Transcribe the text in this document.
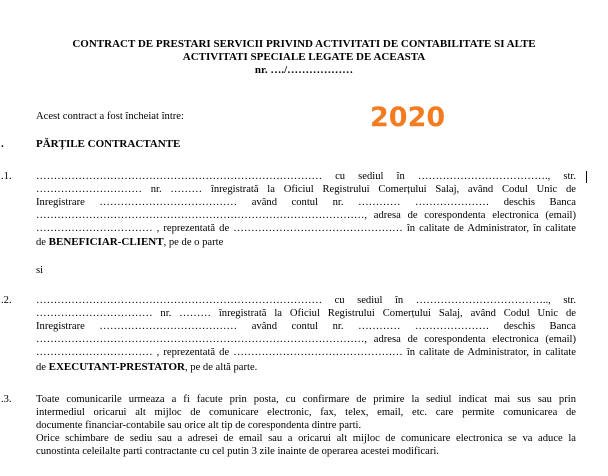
CONTRACT DE PRESTARI SERVICII PRIVIND ACTIVITATI DE CONTABILITATE SI ALTE
ACTIVITATI SPECIALE LEGATE DE ACEASTA
nr. …./………………
Acest contract a fost încheiat între:	2020
.	PĂRȚILE CONTRACTANTE
.1. ……………………………………………………………………… cu sediul în ………………………………., str.
………………………… nr. ……… înregistrată la Oficiul Registrului Comerțului Salaj, având Codul Unic de
Inregistrare ………………………………… având contul nr. ………… ………………… deschis Banca
…………………………………………………………………………………, adresa de corespondenta electronica (email)
…………………………… , reprezentată de ………………………………………… în calitate de Administrator, în calitate
de BENEFICIAR-CLIENT, pe de o parte
si
.2. ……………………………………………………………………… cu sediul în ……………………………….., str.
…………………………… nr. ……… înregistrată la Oficiul Registrului Comerțului Salaj, având Codul Unic de
Inregistrare ………………………………… având contul nr. ………… ………………… deschis Banca
…………………………………………………………………………………, adresa de corespondenta electronica (email)
…………………………… , reprezentată de ………………………………………… în calitate de Administrator, in calitate
de EXECUTANT-PRESTATOR, pe de altă parte.
.3. Toate comunicarile urmeaza a fi facute prin posta, cu confirmare de primire la sediul indicat mai sus sau prin
intermediul oricarui alt mijloc de comunicare electronic, fax, telex, email, etc. care permite comunicarea de
documente financiar-contabile sau orice alt tip de corespondenta dintre parti.
Orice schimbare de sediu sau a adresei de email sau a oricarui alt mijloc de comunicare electronica se va aduce la
cunostinta celeilalte parti contractante cu cel putin 3 zile inainte de operarea acestei modificari.
